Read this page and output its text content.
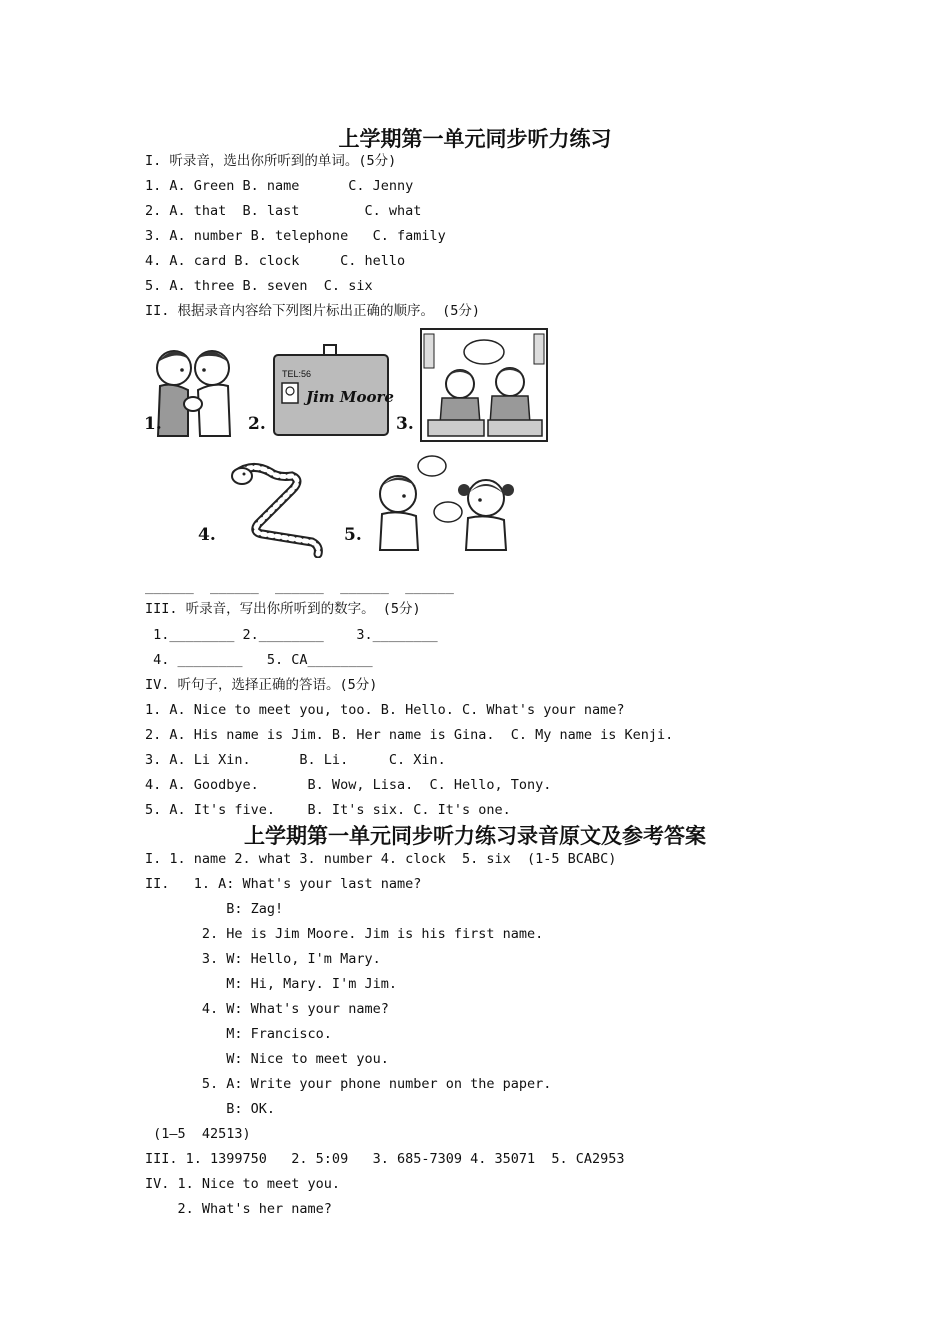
上学期第一单元同步听力练习
I. 听录音，选出你所听到的单词。(5分)
1. A. Green B. name      C. Jenny
2. A. that  B. last        C. what
3. A. number B. telephone   C. family
4. A. card B. clock     C. hello
5. A. three B. seven  C. six
II. 根据录音内容给下列图片标出正确的顺序。 (5分)
1.
TEL:56
Jim Moore
2.	3.
4.	5.
______  ______  ______  ______  ______
III. 听录音，写出你所听到的数字。 (5分)
1.________ 2.________    3.________
4. ________   5. CA________
IV. 听句子，选择正确的答语。(5分)
1. A. Nice to meet you, too. B. Hello. C. What's your name?
2. A. His name is Jim. B. Her name is Gina.  C. My name is Kenji.
3. A. Li Xin.      B. Li.     C. Xin.
4. A. Goodbye.      B. Wow, Lisa.  C. Hello, Tony.
5. A. It's five.    B. It's six. C. It's one.
上学期第一单元同步听力练习录音原文及参考答案
I. 1. name 2. what 3. number 4. clock  5. six  (1-5 BCABC)
II.   1. A: What's your last name?
B: Zag!
2. He is Jim Moore. Jim is his first name.
3. W: Hello, I'm Mary.
M: Hi, Mary. I'm Jim.
4. W: What's your name?
M: Francisco.
W: Nice to meet you.
5. A: Write your phone number on the paper.
B: OK.
(1—5  42513)
III. 1. 1399750   2. 5:09   3. 685-7309 4. 35071  5. CA2953
IV. 1. Nice to meet you.
2. What's her name?
